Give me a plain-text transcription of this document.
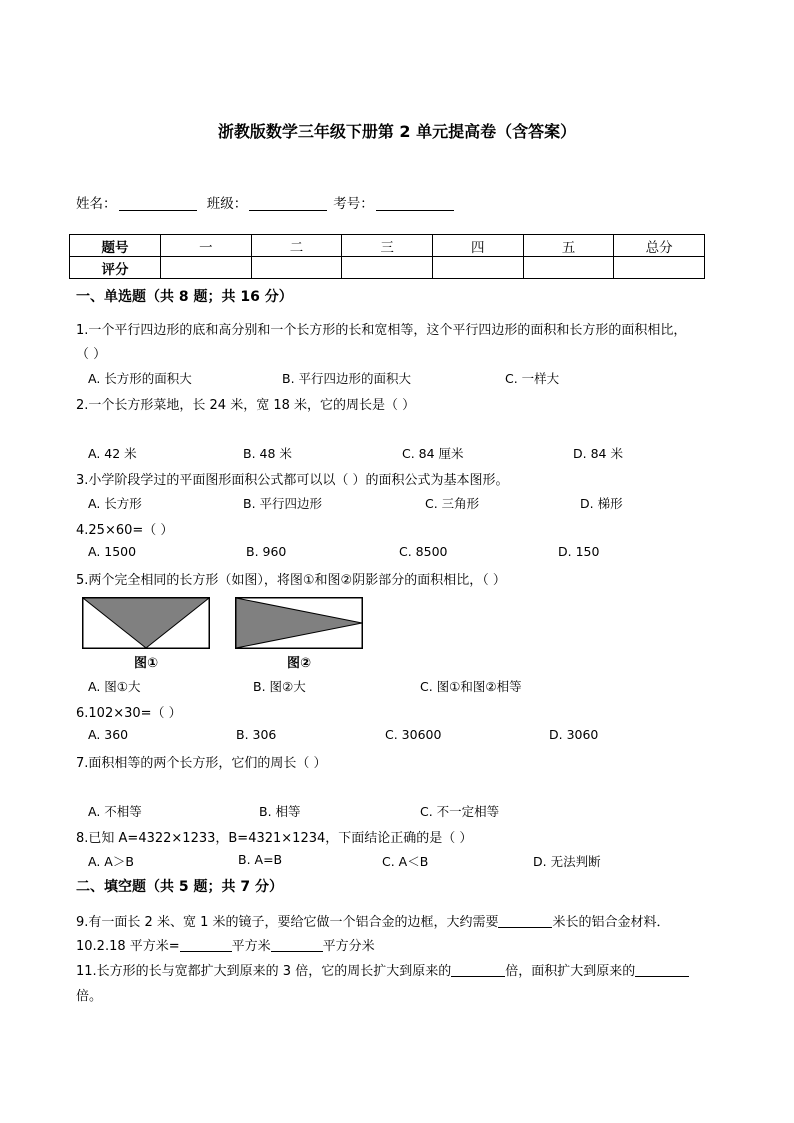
浙教版数学三年级下册第 2 单元提高卷（含答案）
姓名：	班级：	考号：
题号	一	二	三	四	五	总分
评分						
一、单选题（共 8 题；共 16 分）
1.一个平行四边形的底和高分别和一个长方形的长和宽相等，这个平行四边形的面积和长方形的面积相比，
（ ）
A. 长方形的面积大	B. 平行四边形的面积大	C. 一样大
2.一个长方形菜地，长 24 米，宽 18 米，它的周长是（ ）
A. 42 米	B. 48 米	C. 84 厘米	D. 84 米
3.小学阶段学过的平面图形面积公式都可以以（ ）的面积公式为基本图形。
A. 长方形	B. 平行四边形	C. 三角形	D. 梯形
4.25×60=（ ）
A. 1500	B. 960	C. 8500	D. 150
5.两个完全相同的长方形（如图），将图①和图②阴影部分的面积相比，（ ）
图①	图②
A. 图①大	B. 图②大	C. 图①和图②相等
6.102×30=（ ）
A. 360	B. 306	C. 30600	D. 3060
7.面积相等的两个长方形，它们的周长（ ）
A. 不相等	B. 相等	C. 不一定相等
8.已知 A=4322×1233，B=4321×1234，下面结论正确的是（ ）
A. A＞B	B. A=B	C. A＜B	D. 无法判断
二、填空题（共 5 题；共 7 分）
9.有一面长 2 米、宽 1 米的镜子，要给它做一个铝合金的边框，大约需要	米长的铝合金材料．
10.2.18 平方米=	平方米	平方分米
11.长方形的长与宽都扩大到原来的 3 倍，它的周长扩大到原来的	倍，面积扩大到原来的
倍。
